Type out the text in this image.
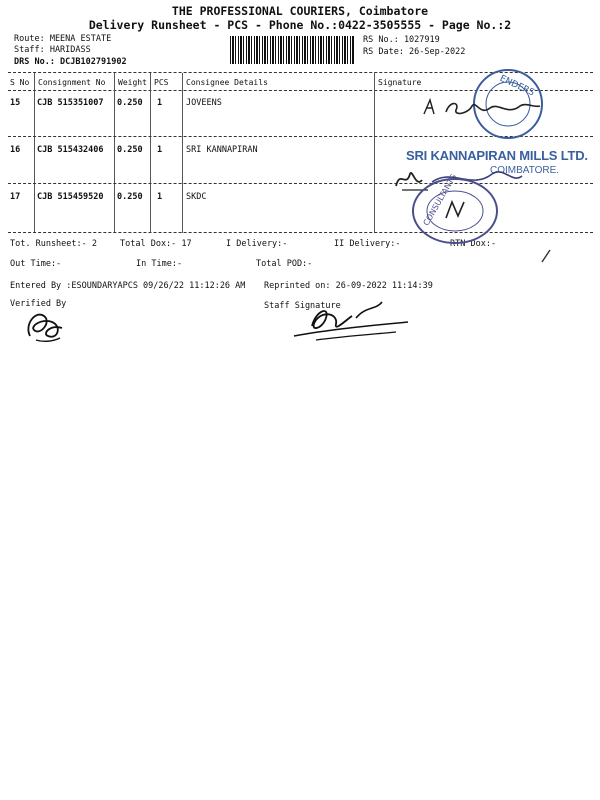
THE PROFESSIONAL COURIERS, Coimbatore
Delivery Runsheet - PCS - Phone No.:0422-3505555 - Page No.:2
Route: MEENA ESTATE
Staff: HARIDASS
DRS No.: DCJB102791902
RS No.: 1027919
RS Date: 26-Sep-2022
S No Consignment No Weight PCS Consignee Details	Signature
15 CJB 515351007 0.250 1	JOVEENS
16 CJB 515432406 0.250 1	SRI KANNAPIRAN
17 CJB 515459520 0.250 1	SKDC
Tot. Runsheet:- 2	Total Dox:- 17	I Delivery:-	II Delivery:-	RTN Dox:-
Out Time:-	In Time:-	Total POD:-
Entered By :ESOUNDARYAPCS 09/26/22 11:12:26 AM Reprinted on: 26-09-2022 11:14:39
Verified By	Staff Signature
ENDERS
SRI KANNAPIRAN MILLS LTD.
COIMBATORE.
CONSULTANTS
